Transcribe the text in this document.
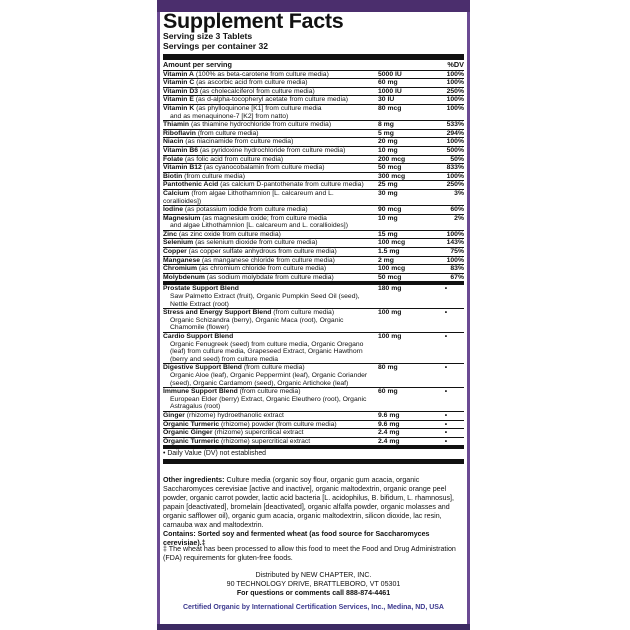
Supplement Facts
Serving size 3 Tablets
Servings per container 32
Amount per serving	%DV
Vitamin A (100% as beta-carotene from culture media)	5000 IU	100%
Vitamin C (as ascorbic acid from culture media)	60 mg	100%
Vitamin D3 (as cholecalciferol from culture media)	1000 IU	250%
Vitamin E (as d-alpha-tocopheryl acetate from culture media)	30 IU	100%
Vitamin K (as phylloquinone [K1] from culture media
and as menaquinone-7 [K2] from natto)
80 mcg	100%
Thiamin (as thiamine hydrochloride from culture media)	8 mg	533%
Riboflavin (from culture media)	5 mg	294%
Niacin (as niacinamide from culture media)	20 mg	100%
Vitamin B6 (as pyridoxine hydrochloride from culture media)	10 mg	500%
Folate (as folic acid from culture media)	200 mcg	50%
Vitamin B12 (as cyanocobalamin from culture media)	50 mcg	833%
Biotin (from culture media)	300 mcg	100%
Pantothenic Acid (as calcium D-pantothenate from culture media)	25 mg	250%
Calcium (from algae Lithothamnion [L. calcareum and L. corallioides])
30 mg	3%
Iodine (as potassium iodide from culture media)	90 mcg	60%
Magnesium (as magnesium oxide; from culture media
and algae Lithothamnion [L. calcareum and L. corallioides])
10 mg	2%
Zinc (as zinc oxide from culture media)	15 mg	100%
Selenium (as selenium dioxide from culture media)	100 mcg	143%
Copper (as copper sulfate anhydrous from culture media)	1.5 mg	75%
Manganese (as manganese chloride from culture media)	2 mg	100%
Chromium (as chromium chloride from culture media)	100 mcg	83%
Molybdenum (as sodium molybdate from culture media)	50 mcg	67%
Prostate Support Blend
Saw Palmetto Extract (fruit), Organic Pumpkin Seed Oil (seed), Nettle Extract (root)
180 mg	•
Stress and Energy Support Blend (from culture media)
Organic Schizandra (berry), Organic Maca (root), Organic Chamomile (flower)
100 mg	•
Cardio Support Blend
Organic Fenugreek (seed) from culture media, Organic Oregano (leaf) from culture media, Grapeseed Extract, Organic Hawthorn (berry and seed) from culture media
100 mg	•
Digestive Support Blend (from culture media)
Organic Aloe (leaf), Organic Peppermint (leaf), Organic Coriander (seed), Organic Cardamom (seed), Organic Artichoke (leaf)
80 mg	•
Immune Support Blend (from culture media)
European Elder (berry) Extract, Organic Eleuthero (root), Organic Astragalus (root)
60 mg	•
Ginger (rhizome) hydroethanolic extract	9.6 mg	•
Organic Turmeric (rhizome) powder (from culture media)	9.6 mg	•
Organic Ginger (rhizome) supercritical extract	2.4 mg	•
Organic Turmeric (rhizome) supercritical extract	2.4 mg	•
• Daily Value (DV) not established
Other ingredients: Culture media (organic soy flour, organic gum acacia, organic Saccharomyces cerevisiae [active and inactive], organic maltodextrin, organic orange peel powder, organic carrot powder, lactic acid bacteria [L. acidophilus, B. bifidum, L. rhamnosus], papain [deactivated], bromelain [deactivated], organic alfalfa powder, organic molasses and organic safflower oil), organic gum acacia, organic maltodextrin, silicon dioxide, lac resin, carnauba wax and maltodextrin.
Contains: Sorted soy and fermented wheat (as food source for Saccharomyces cerevisiae).‡
‡ The wheat has been processed to allow this food to meet the Food and Drug Administration (FDA) requirements for gluten-free foods.
Distributed by NEW CHAPTER, INC.
90 TECHNOLOGY DRIVE, BRATTLEBORO, VT 05301
For questions or comments call 888-874-4461
Certified Organic by International Certification Services, Inc., Medina, ND, USA
